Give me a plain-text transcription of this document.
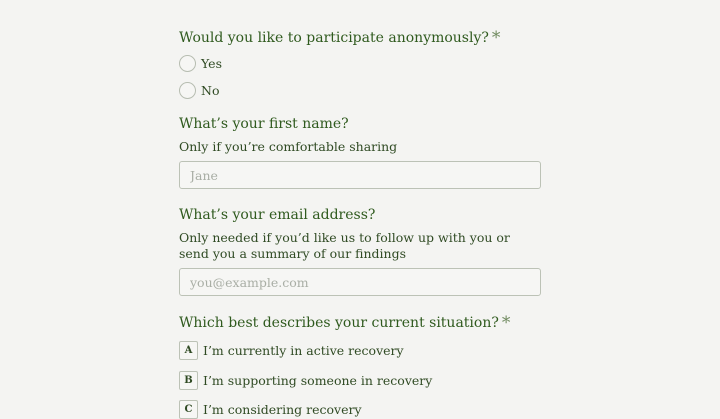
Would you like to participate anonymously? *
Yes
No
What’s your first name?
Only if you’re comfortable sharing
Jane
What’s your email address?
Only needed if you’d like us to follow up with you or send you a summary of our findings
you@example.com
Which best describes your current situation? *
A I’m currently in active recovery
B I’m supporting someone in recovery
C I’m considering recovery
